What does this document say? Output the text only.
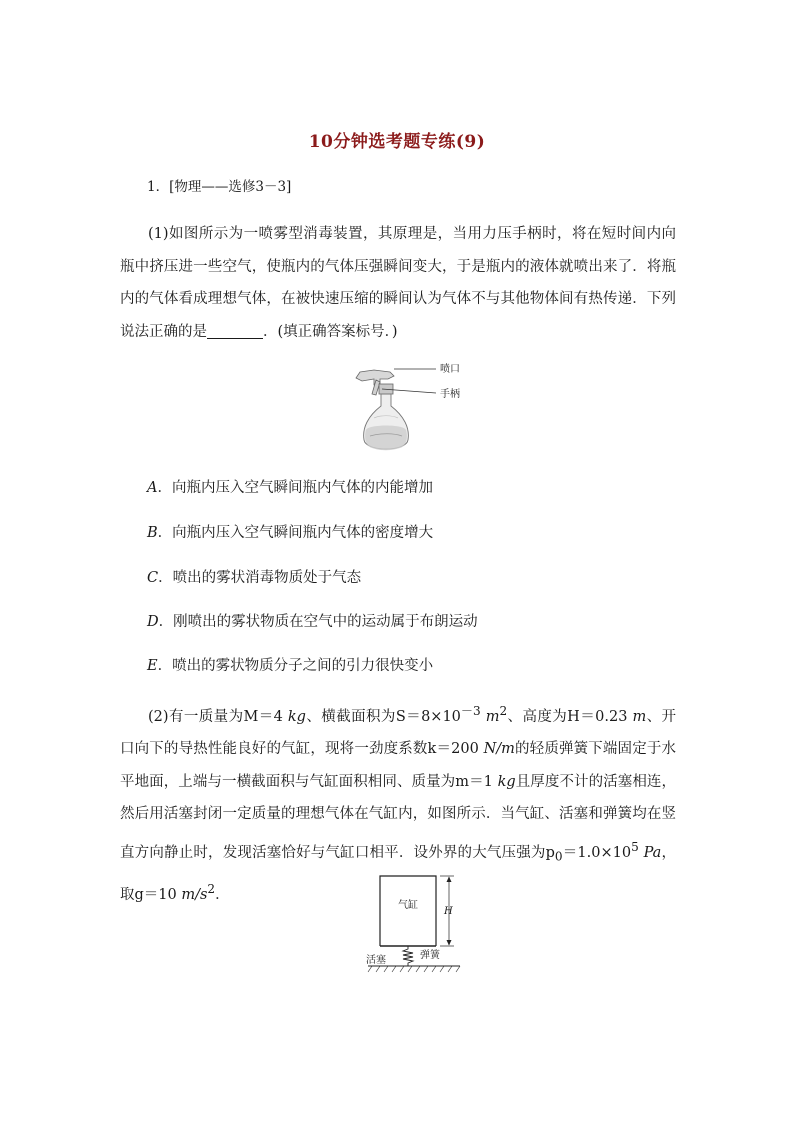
10分钟选考题专练(9)
1．[物理——选修3－3]
(1)如图所示为一喷雾型消毒装置，其原理是，当用力压手柄时，将在短时间内向瓶中挤压进一些空气，使瓶内的气体压强瞬间变大，于是瓶内的液体就喷出来了．将瓶内的气体看成理想气体，在被快速压缩的瞬间认为气体不与其他物体间有热传递．下列说法正确的是	．(填正确答案标号．)
喷口
手柄
A．向瓶内压入空气瞬间瓶内气体的内能增加
B．向瓶内压入空气瞬间瓶内气体的密度增大
C．喷出的雾状消毒物质处于气态
D．刚喷出的雾状物质在空气中的运动属于布朗运动
E．喷出的雾状物质分子之间的引力很快变小
(2)有一质量为M＝4 kg、横截面积为$S=8\times 10^{-3}$ $m^2$、高度为H＝0.23 m、开口向下的导热性能良好的气缸，现将一劲度系数k＝200 N/m的轻质弹簧下端固定于水平地面，上端与一横截面积与气缸面积相同、质量为m＝1 kg且厚度不计的活塞相连，然后用活塞封闭一定质量的理想气体在气缸内，如图所示．当气缸、活塞和弹簧均在竖直方向静止时，发现活塞恰好与气缸口相平．设外界的大气压强为$p_0=1.0\times 10^5$ Pa，取g＝10 $m/s^2$．
气缸
H
活塞	弹簧
